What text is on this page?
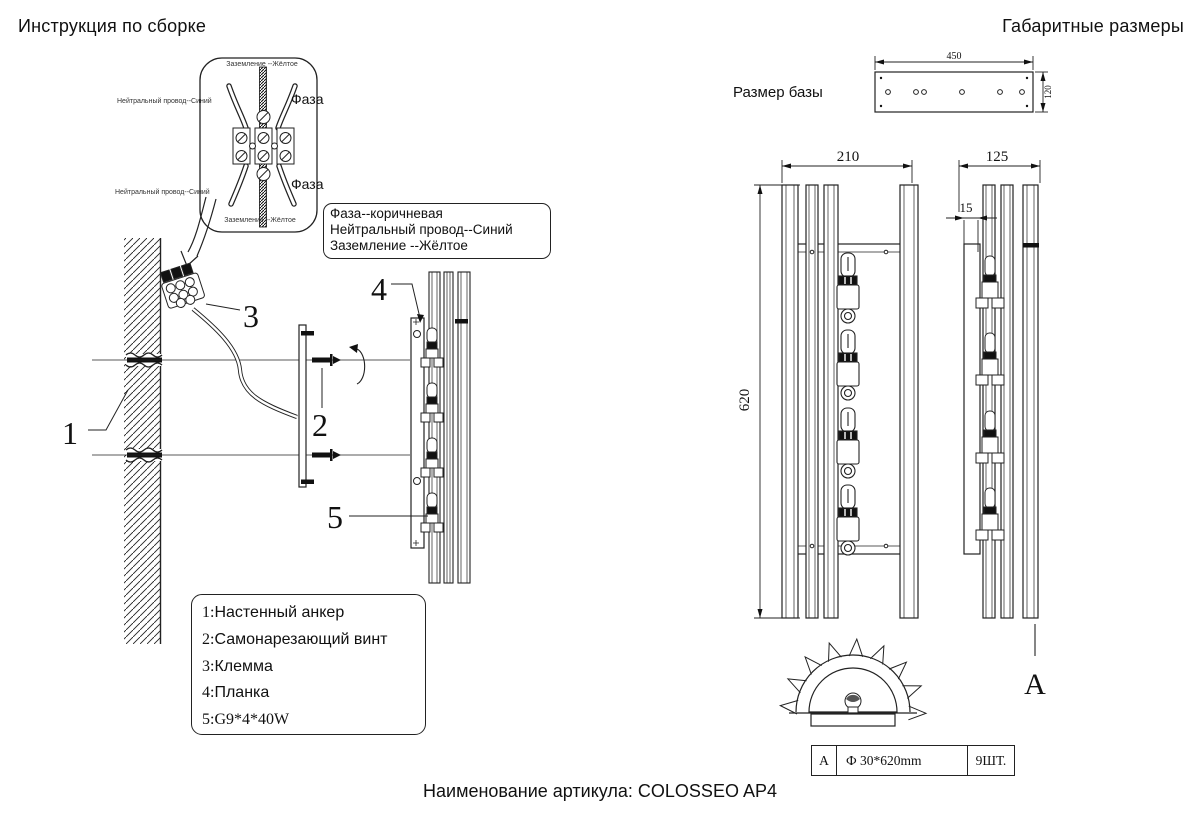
Заземление --Жёлтое
Нейтральный провод--Синий	Фаза
Нейтральный провод--Синий
Фаза
Заземление --Жёлтое
1	2
3
4
5
450
120
210
620
125
15
A
Инструкция по сборке	Габаритные размеры
Размер базы
Фаза--коричневая
Нейтральный провод--Синий
Заземление --Жёлтое
1:Настенный анкер
2:Самонарезающий винт
3:Клемма
4:Планка
5:G9*4*40W
A	Ф 30*620mm	9ШТ.
Наименование артикула: COLOSSEO AP4
